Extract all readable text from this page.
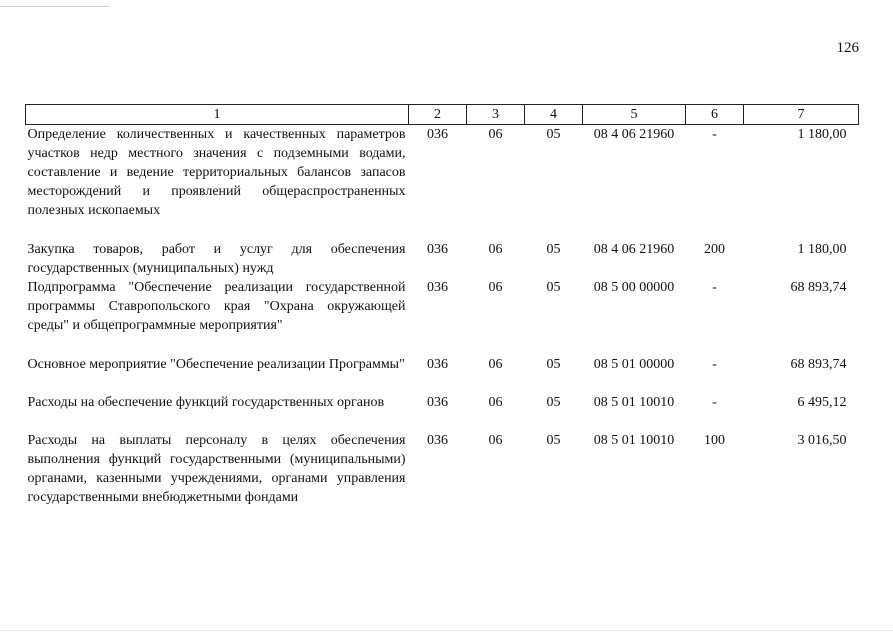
126
1	2	3	4	5	6	7
Определение количественных и качественных параметров участков недр местного значения с подземными водами, составление и ведение территориальных балансов запасов месторождений и проявлений общераспространенных полезных ископаемых	036	06	05	08 4 06 21960	-	1 180,00
Закупка товаров, работ и услуг для обеспечения государственных (муниципальных) нужд	036	06	05	08 4 06 21960	200	1 180,00
Подпрограмма "Обеспечение реализации государственной программы Ставропольского края "Охрана окружающей среды" и общепрограммные мероприятия"	036	06	05	08 5 00 00000	-	68 893,74
Основное мероприятие "Обеспечение реализации Программы"	036	06	05	08 5 01 00000	-	68 893,74
Расходы на обеспечение функций государственных органов	036	06	05	08 5 01 10010	-	6 495,12
Расходы на выплаты персоналу в целях обеспечения выполнения функций государственными (муниципальными) органами, казенными учреждениями, органами управления государственными внебюджетными фондами	036	06	05	08 5 01 10010	100	3 016,50
